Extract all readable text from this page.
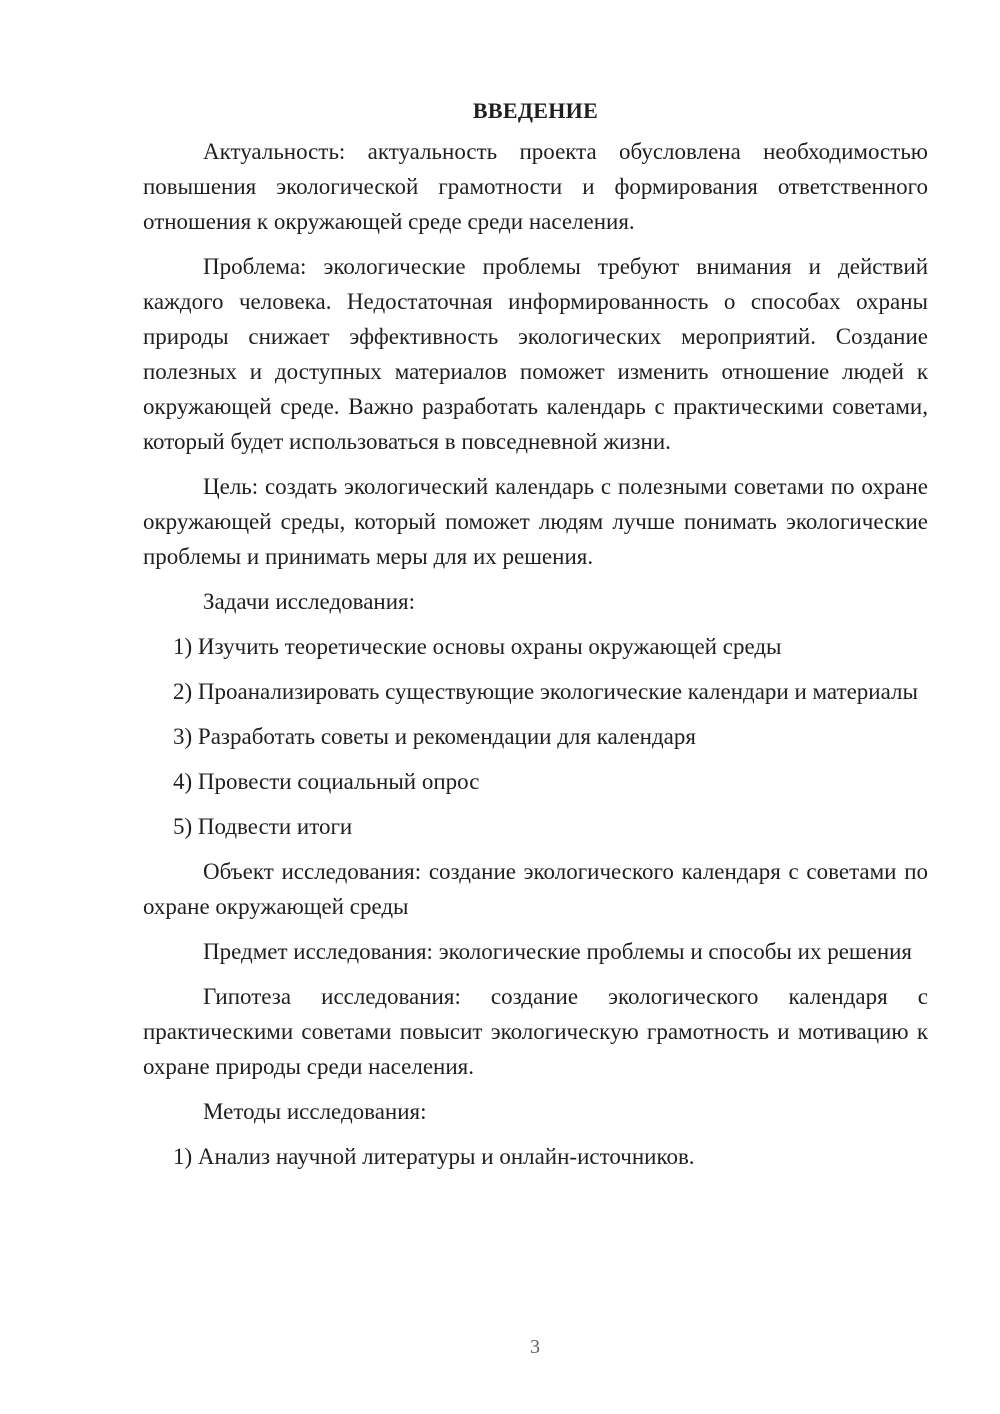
ВВЕДЕНИЕ

Актуальность: актуальность проекта обусловлена необходимостью повышения экологической грамотности и формирования ответственного отношения к окружающей среде среди населения.

Проблема: экологические проблемы требуют внимания и действий каждого человека. Недостаточная информированность о способах охраны природы снижает эффективность экологических мероприятий. Создание полезных и доступных материалов поможет изменить отношение людей к окружающей среде. Важно разработать календарь с практическими советами, который будет использоваться в повседневной жизни.

Цель: создать экологический календарь с полезными советами по охране окружающей среды, который поможет людям лучше понимать экологические проблемы и принимать меры для их решения.

Задачи исследования:

1) Изучить теоретические основы охраны окружающей среды

2) Проанализировать существующие экологические календари и материалы

3) Разработать советы и рекомендации для календаря

4) Провести социальный опрос

5) Подвести итоги

Объект исследования: создание экологического календаря с советами по охране окружающей среды

Предмет исследования: экологические проблемы и способы их решения

Гипотеза исследования: создание экологического календаря с практическими советами повысит экологическую грамотность и мотивацию к охране природы среди населения.

Методы исследования:

1) Анализ научной литературы и онлайн-источников.

3
